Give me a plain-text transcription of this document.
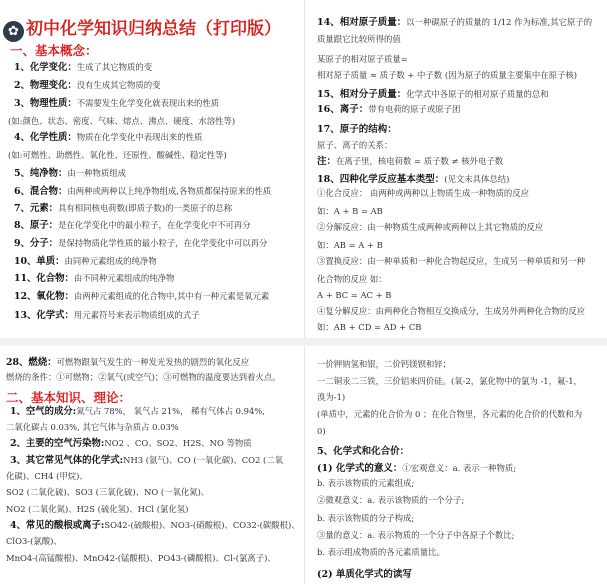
✿ 初中化学知识归纳总结（打印版）
一、基本概念：

1、化学变化：生成了其它物质的变

2、物理变化：没有生成其它物质的变

3、物理性质：不需要发生化学变化就表现出来的性质

(如:颜色、状态、密度、气味、熔点、沸点、硬度、水溶性等)

4、化学性质：物质在化学变化中表现出来的性质

(如:可燃性、助燃性、氧化性、还原性、酸碱性、稳定性等)

5、纯净物：由一种物质组成

6、混合物：由两种或两种以上纯净物组成,各物质都保持原来的性质

7、元素：具有相同核电荷数(即质子数)的一类原子的总称

8、原子：是在化学变化中的最小粒子，在化学变化中不可再分

9、分子：是保持物质化学性质的最小粒子，在化学变化中可以再分

10、单质：由同种元素组成的纯净物

11、化合物：由不同种元素组成的纯净物

12、氧化物：由两种元素组成的化合物中,其中有一种元素是氧元素

13、化学式：用元素符号来表示物质组成的式子

14、相对原子质量：以一种碳原子的质量的 1/12 作为标准,其它原子的

质量跟它比较所得的值

某原子的相对原子质量=

相对原子质量 ≈ 质子数 + 中子数 (因为原子的质量主要集中在原子核)

15、相对分子质量：化学式中各原子的相对原子质量的总和

16、离子：带有电荷的原子或原子团

17、原子的结构：

原子、离子的关系：

注：在离子里，核电荷数 = 质子数 ≠ 核外电子数

18、四种化学反应基本类型：(见文末具体总结)

①化合反应： 由两种或两种以上物质生成一种物质的反应

如：A + B = AB

②分解反应：由一种物质生成两种或两种以上其它物质的反应

如：AB = A + B

③置换反应：由一种单质和一种化合物起反应，生成另一种单质和另一种

化合物的反应 如：

A + BC = AC + B

④复分解反应：由两种化合物相互交换成分，生成另外两种化合物的反应

如：AB + CD = AD + CB

28、燃烧：可燃物跟氧气发生的一种发光发热的剧烈的氧化反应

燃烧的条件：①可燃物；②氧气(或空气)；③可燃物的温度要达到着火点。

二、基本知识、理论：

1、空气的成分:氮气占 78%， 氧气占 21%， 稀有气体占 0.94%,

二氧化碳占 0.03%, 其它气体与杂质占 0.03%

2、主要的空气污染物:NO2 、CO、SO2、H2S、NO 等物质

3、其它常见气体的化学式:NH3 (氨气)、CO (一氧化碳)、CO2 (二氧

化碳)、CH4 (甲烷)、

SO2 (二氧化硫)、SO3 (三氧化硫)、NO (一氧化氮)、

NO2 (二氧化氮)、H2S (硫化氢)、HCl (氯化氢)

4、常见的酸根或离子:SO42-(硫酸根)、NO3-(硝酸根)、CO32-(碳酸根)、

ClO3-(氯酸)、

MnO4-(高锰酸根)、MnO42-(锰酸根)、PO43-(磷酸根)、Cl-(氯离子)、

一价钾钠氢和银，二价钙镁钡和锌；

一二铜汞二三铁，三价铝来四价硅。(氧-2，氯化物中的氯为 -1，氟-1，

溴为-1)

(单质中，元素的化合价为 0 ；在化合物里，各元素的化合价的代数和为

0)

5、化学式和化合价：

(1) 化学式的意义：①宏观意义：a. 表示一种物质;

b. 表示该物质的元素组成;

②微观意义：a. 表示该物质的一个分子;

b. 表示该物质的分子构成;

③量的意义：a. 表示物质的一个分子中各原子个数比;

b. 表示组成物质的各元素质量比。

(2) 单质化学式的读写
